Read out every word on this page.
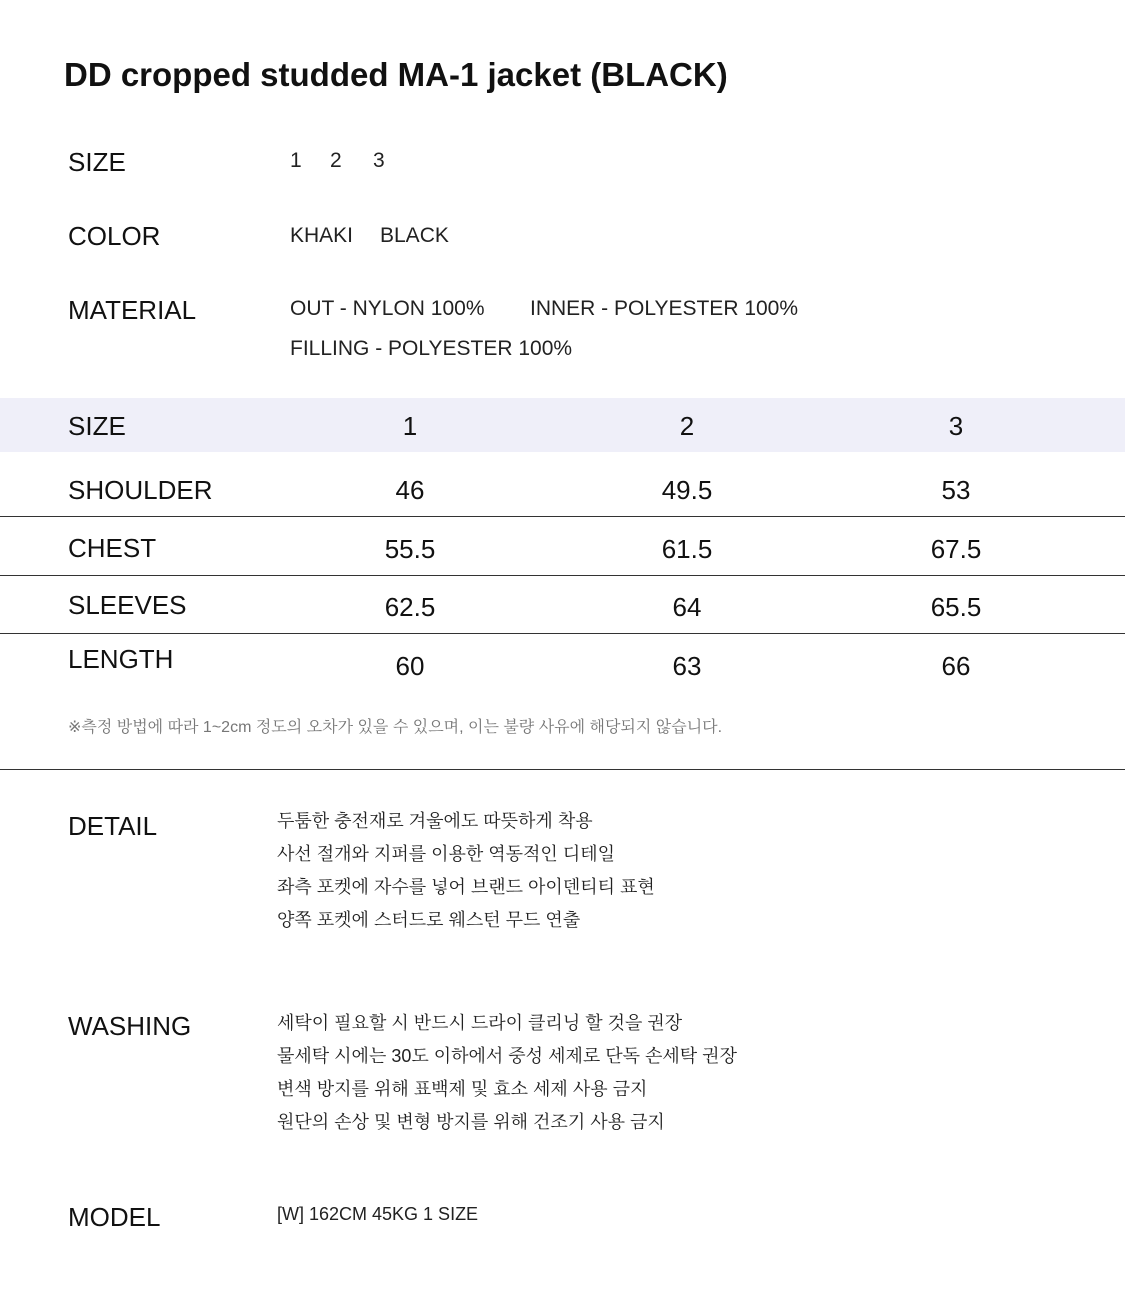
DD cropped studded MA-1 jacket (BLACK)
SIZE	1 2 3
COLOR	KHAKI BLACK
MATERIAL	OUT - NYLON 100% INNER - POLYESTER 100%
FILLING - POLYESTER 100%
SIZE	1	2	3
SHOULDER	46	49.5	53
CHEST	55.5	61.5	67.5
SLEEVES	62.5	64	65.5
LENGTH	60	63	66
※측정 방법에 따라 1~2cm 정도의 오차가 있을 수 있으며, 이는 불량 사유에 해당되지 않습니다.
DETAIL	두툼한 충전재로 겨울에도 따뜻하게 착용
사선 절개와 지퍼를 이용한 역동적인 디테일
좌측 포켓에 자수를 넣어 브랜드 아이덴티티 표현
양쪽 포켓에 스터드로 웨스턴 무드 연출
WASHING	세탁이 필요할 시 반드시 드라이 클리닝 할 것을 권장
물세탁 시에는 30도 이하에서 중성 세제로 단독 손세탁 권장
변색 방지를 위해 표백제 및 효소 세제 사용 금지
원단의 손상 및 변형 방지를 위해 건조기 사용 금지
MODEL	[W] 162CM 45KG 1 SIZE
